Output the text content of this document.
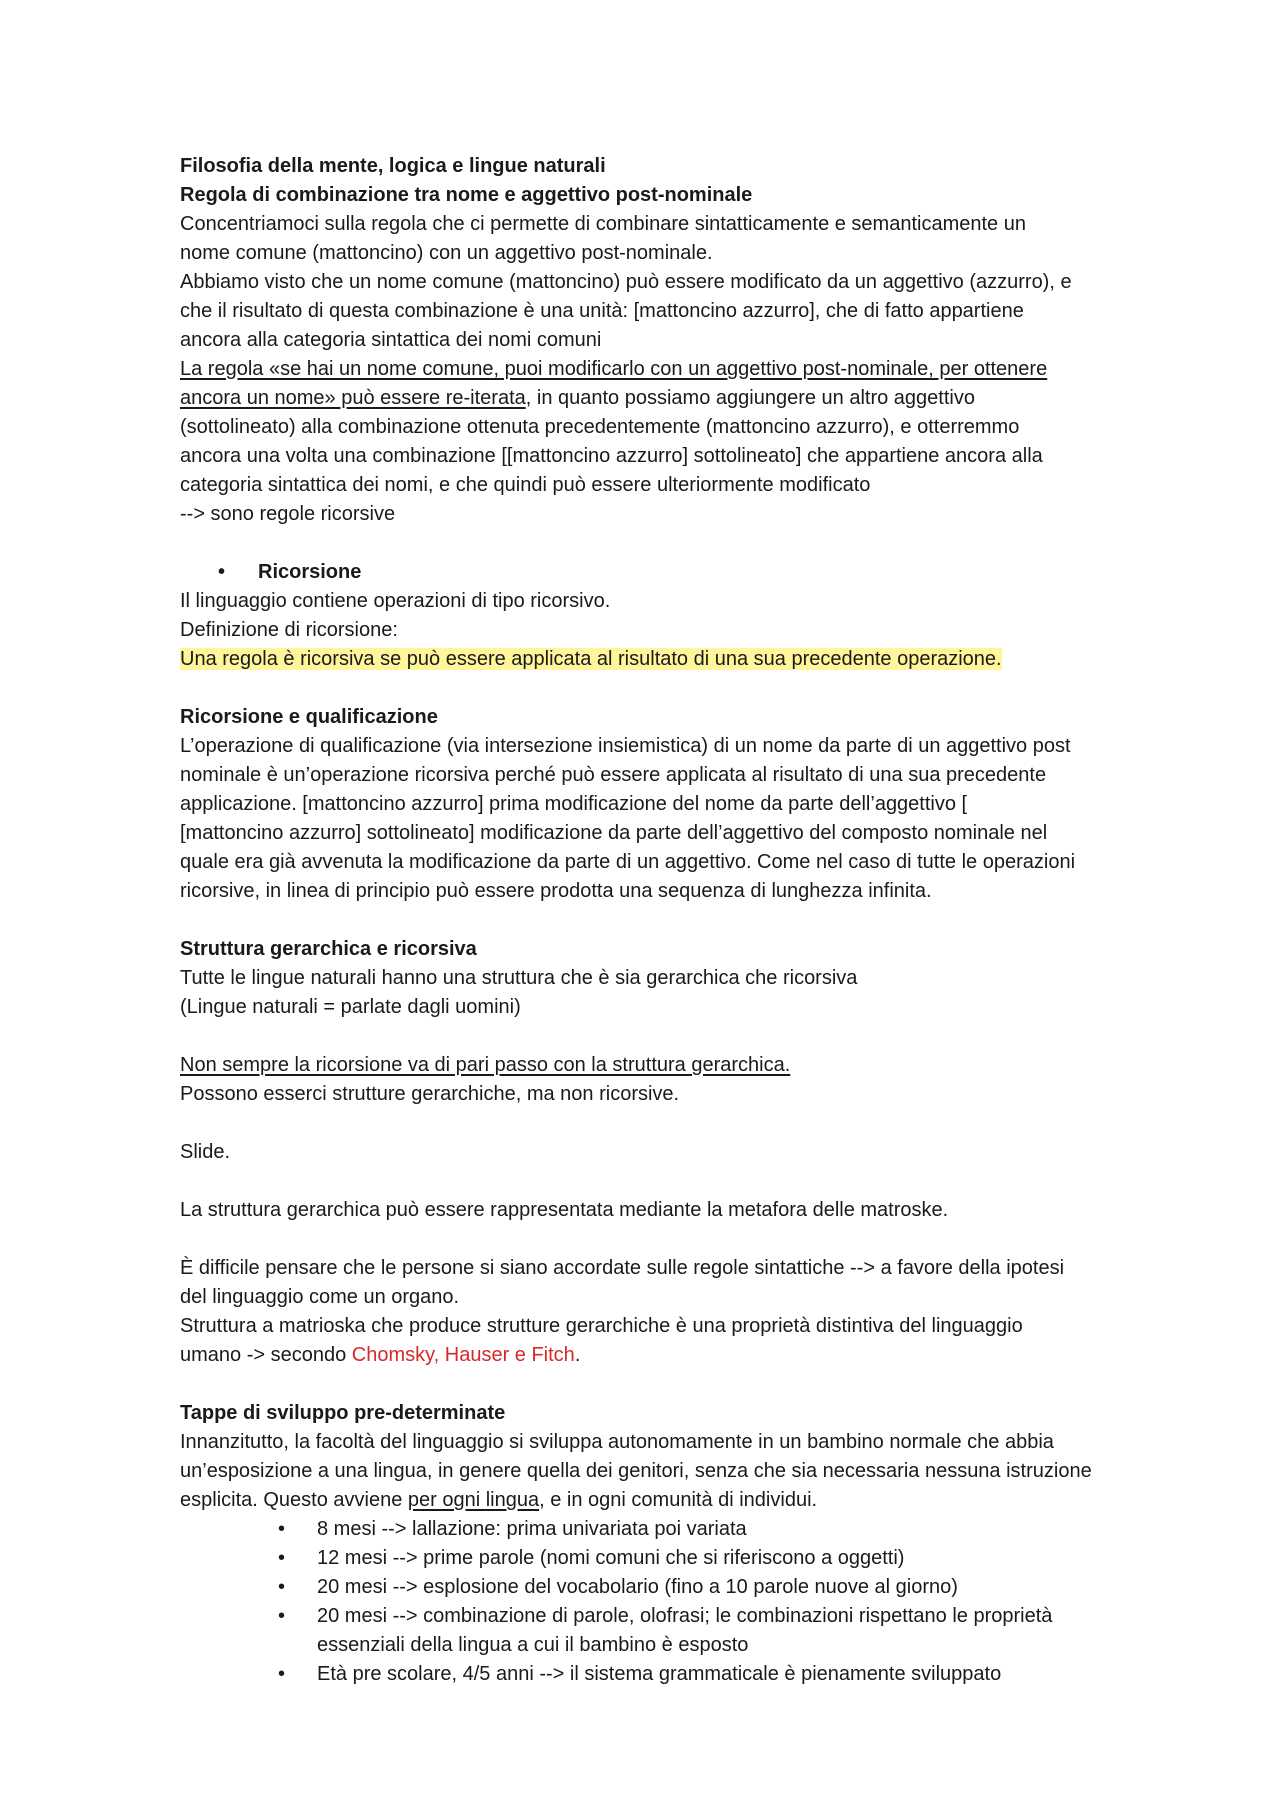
Filosofia della mente, logica e lingue naturali
Regola di combinazione tra nome e aggettivo post-nominale
Concentriamoci sulla regola che ci permette di combinare sintatticamente e semanticamente un
nome comune (mattoncino) con un aggettivo post-nominale.
Abbiamo visto che un nome comune (mattoncino) può essere modificato da un aggettivo (azzurro), e
che il risultato di questa combinazione è una unità: [mattoncino azzurro], che di fatto appartiene
ancora alla categoria sintattica dei nomi comuni
La regola «se hai un nome comune, puoi modificarlo con un aggettivo post-nominale, per ottenere
ancora un nome» può essere re-iterata, in quanto possiamo aggiungere un altro aggettivo
(sottolineato) alla combinazione ottenuta precedentemente (mattoncino azzurro), e otterremmo
ancora una volta una combinazione [[mattoncino azzurro] sottolineato] che appartiene ancora alla
categoria sintattica dei nomi, e che quindi può essere ulteriormente modificato
--> sono regole ricorsive
• Ricorsione
Il linguaggio contiene operazioni di tipo ricorsivo.
Definizione di ricorsione:
Una regola è ricorsiva se può essere applicata al risultato di una sua precedente operazione.
Ricorsione e qualificazione
L’operazione di qualificazione (via intersezione insiemistica) di un nome da parte di un aggettivo post
nominale è un’operazione ricorsiva perché può essere applicata al risultato di una sua precedente
applicazione. [mattoncino azzurro] prima modificazione del nome da parte dell’aggettivo [
[mattoncino azzurro] sottolineato] modificazione da parte dell’aggettivo del composto nominale nel
quale era già avvenuta la modificazione da parte di un aggettivo. Come nel caso di tutte le operazioni
ricorsive, in linea di principio può essere prodotta una sequenza di lunghezza infinita.
Struttura gerarchica e ricorsiva
Tutte le lingue naturali hanno una struttura che è sia gerarchica che ricorsiva
(Lingue naturali = parlate dagli uomini)
Non sempre la ricorsione va di pari passo con la struttura gerarchica.
Possono esserci strutture gerarchiche, ma non ricorsive.
Slide.
La struttura gerarchica può essere rappresentata mediante la metafora delle matroske.
È difficile pensare che le persone si siano accordate sulle regole sintattiche --> a favore della ipotesi
del linguaggio come un organo.
Struttura a matrioska che produce strutture gerarchiche è una proprietà distintiva del linguaggio
umano -> secondo Chomsky, Hauser e Fitch.
Tappe di sviluppo pre-determinate
Innanzitutto, la facoltà del linguaggio si sviluppa autonomamente in un bambino normale che abbia
un’esposizione a una lingua, in genere quella dei genitori, senza che sia necessaria nessuna istruzione
esplicita. Questo avviene per ogni lingua, e in ogni comunità di individui.
• 8 mesi --> lallazione: prima univariata poi variata
• 12 mesi --> prime parole (nomi comuni che si riferiscono a oggetti)
• 20 mesi --> esplosione del vocabolario (fino a 10 parole nuove al giorno)
• 20 mesi --> combinazione di parole, olofrasi; le combinazioni rispettano le proprietà
essenziali della lingua a cui il bambino è esposto
• Età pre scolare, 4/5 anni --> il sistema grammaticale è pienamente sviluppato
